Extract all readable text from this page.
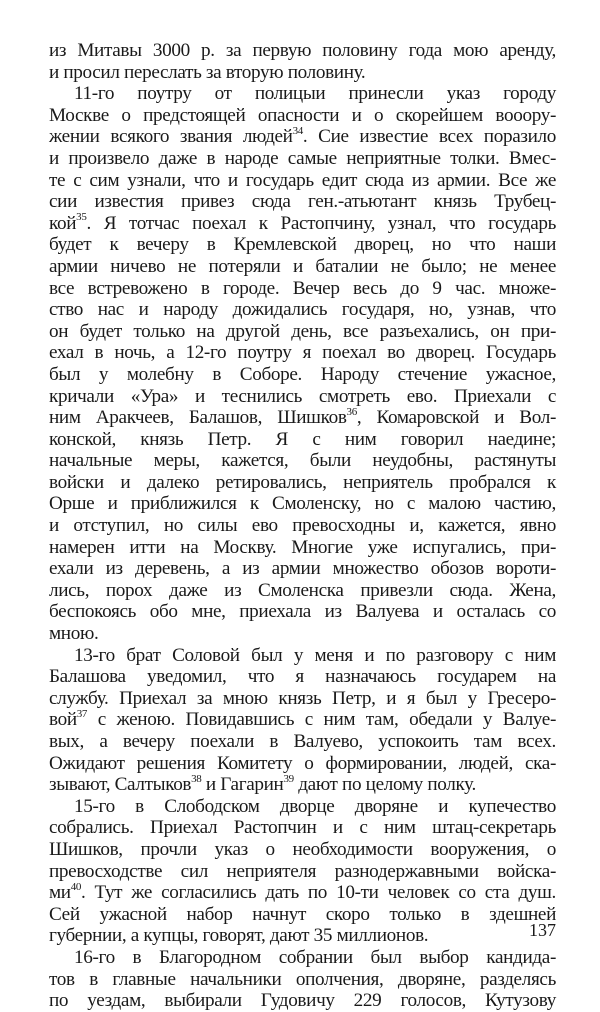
из Митавы 3000 р. за первую половину года мою аренду,
и просил переслать за вторую половину.
11-го поутру от полицыи принесли указ городу
Москве о предстоящей опасности и о скорейшем вооору-
жении всякого звания людей$^{34}$. Сие известие всех поразило
и произвело даже в народе самые неприятные толки. Вмес-
те с сим узнали, что и государь едит сюда из армии. Все же
сии известия привез сюда ген.-атьютант князь Трубец-
кой$^{35}$. Я тотчас поехал к Растопчину, узнал, что государь
будет к вечеру в Кремлевской дворец, но что наши
армии ничево не потеряли и баталии не было; не менее
все встревожено в городе. Вечер весь до 9 час. множе-
ство нас и народу дожидались государя, но, узнав, что
он будет только на другой день, все разъехались, он при-
ехал в ночь, а 12-го поутру я поехал во дворец. Государь
был у молебну в Соборе. Народу стечение ужасное,
кричали «Ура» и теснились смотреть ево. Приехали с
ним Аракчеев, Балашов, Шишков$^{36}$, Комаровской и Вол-
конской, князь Петр. Я с ним говорил наедине;
начальные меры, кажется, были неудобны, растянуты
войски и далеко ретировались, неприятель пробрался к
Орше и приближился к Смоленску, но с малою частию,
и отступил, но силы ево превосходны и, кажется, явно
намерен итти на Москву. Многие уже испугались, при-
ехали из деревень, а из армии множество обозов вороти-
лись, порох даже из Смоленска привезли сюда. Жена,
беспокоясь обо мне, приехала из Валуева и осталась со
мною.
13-го брат Соловой был у меня и по разговору с ним
Балашова уведомил, что я назначаюсь государем на
службу. Приехал за мною князь Петр, и я был у Гресеро-
вой$^{37}$ с женою. Повидавшись с ним там, обедали у Валуе-
вых, а вечеру поехали в Валуево, успокоить там всех.
Ожидают решения Комитету о формировании, людей, ска-
зывают, Салтыков$^{38}$ и Гагарин$^{39}$ дают по целому полку.
15-го в Слободском дворце дворяне и купечество
собрались. Приехал Растопчин и с ним штац-секретарь
Шишков, прочли указ о необходимости вооружения, о
превосходстве сил неприятеля разнодержавными войска-
$ми^{40}$. Тут же согласились дать по 10-ти человек со ста душ.
Сей ужасной набор начнут скоро только в здешней
губернии, а купцы, говорят, дают 35 миллионов.
16-го в Благородном собрании был выбор кандида-
тов в главные начальники ополчения, дворяне, разделясь
по уездам, выбирали Гудовичу 229 голосов, Кутузову
137
